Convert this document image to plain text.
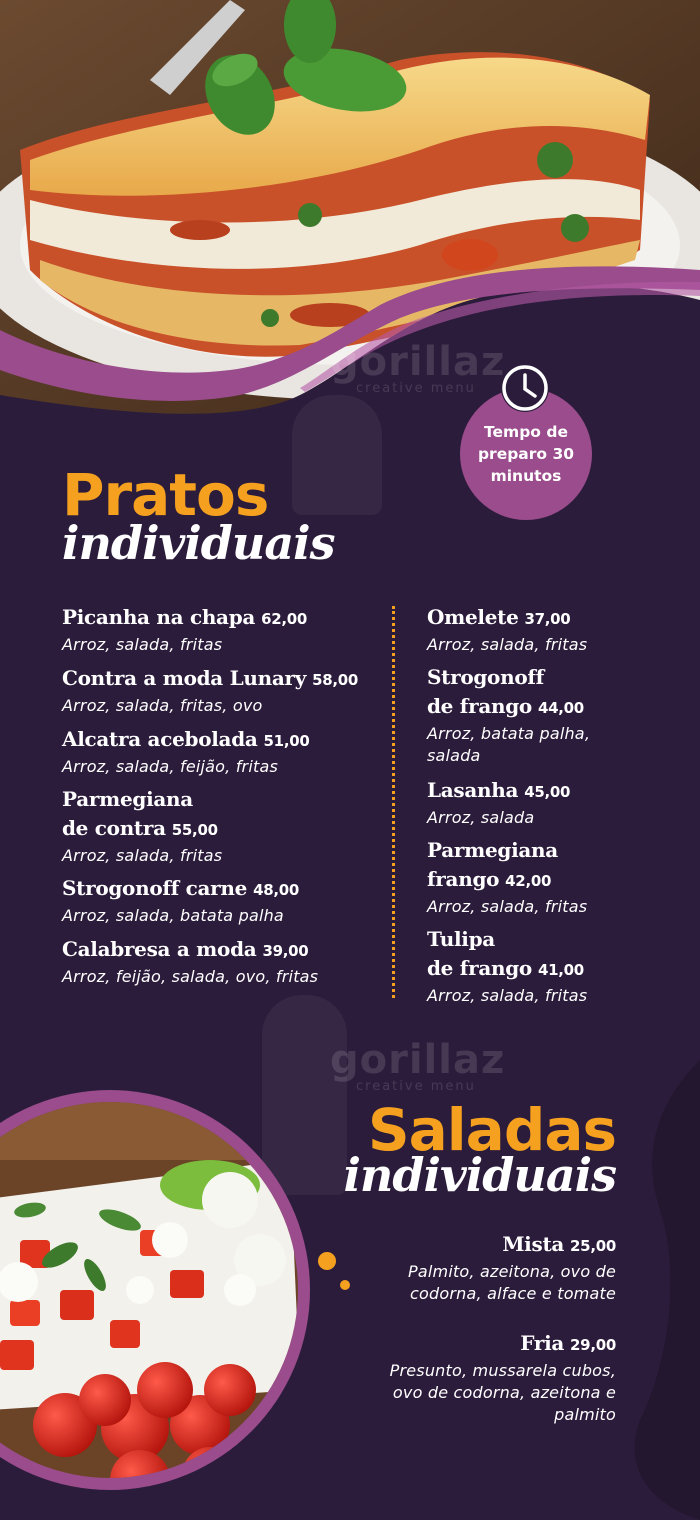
gorillaz
creative menu
gorillaz
creative menu
Tempo de preparo 30 minutos
Pratos
individuais
Picanha na chapa 62,00
Arroz, salada, fritas
Contra a moda Lunary 58,00
Arroz, salada, fritas, ovo
Alcatra acebolada 51,00
Arroz, salada, feijão, fritas
Parmegiana
de contra 55,00
Arroz, salada, fritas
Strogonoff carne 48,00
Arroz, salada, batata palha
Calabresa a moda 39,00
Arroz, feijão, salada, ovo, fritas
Omelete 37,00
Arroz, salada, fritas
Strogonoff
de frango 44,00
Arroz, batata palha,
salada
Lasanha 45,00
Arroz, salada
Parmegiana
frango 42,00
Arroz, salada, fritas
Tulipa
de frango 41,00
Arroz, salada, fritas
Saladas
individuais
Mista 25,00
Palmito, azeitona, ovo de
codorna, alface e tomate
Fria 29,00
Presunto, mussarela cubos,
ovo de codorna, azeitona e
palmito
